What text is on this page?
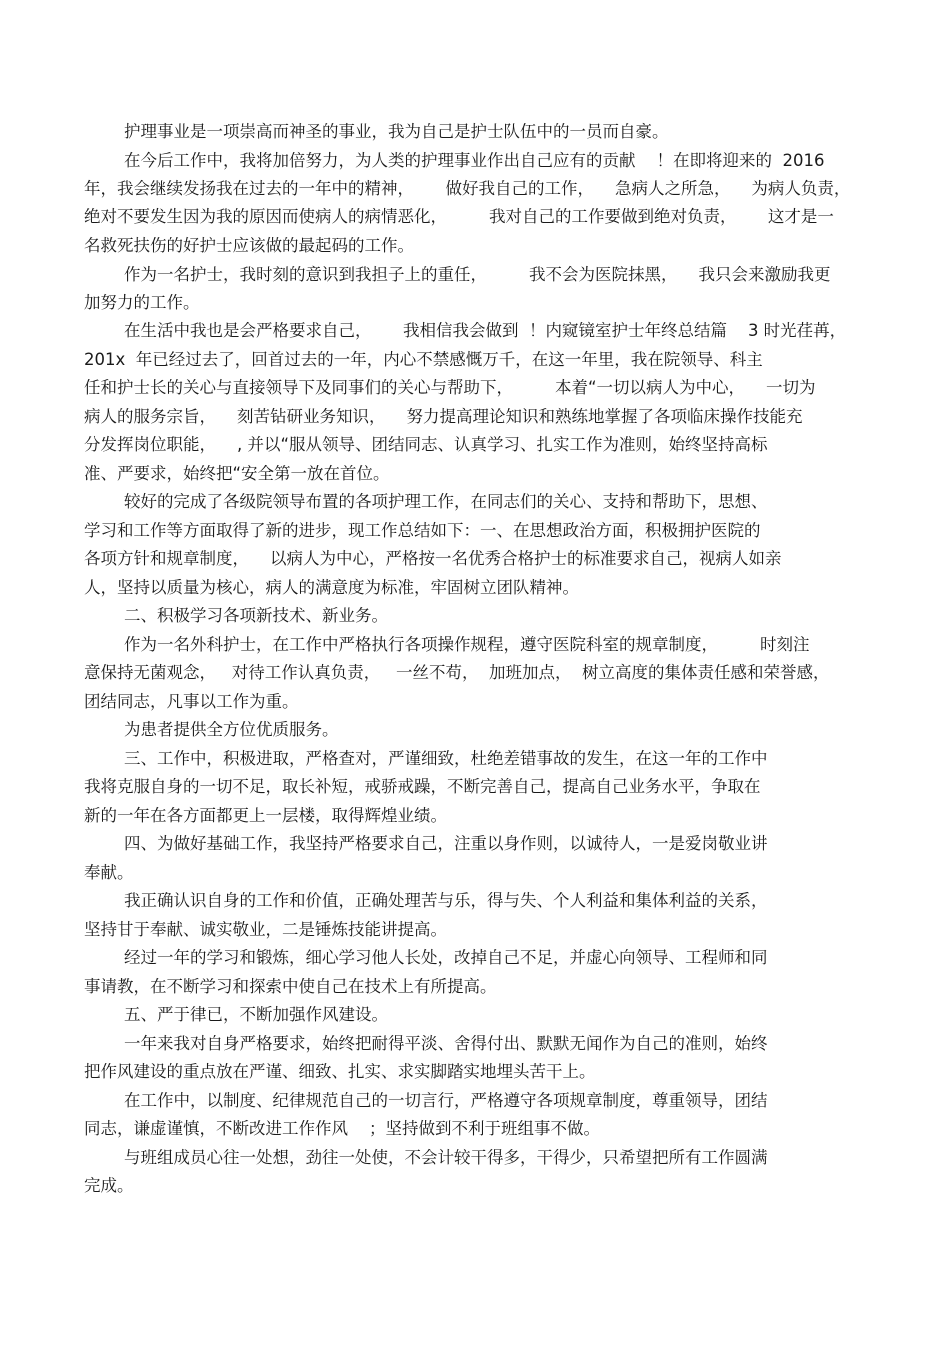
护理事业是一项崇高而神圣的事业，我为自己是护士队伍中的一员而自豪。
在今后工作中，我将加倍努力，为人类的护理事业作出自己应有的贡献    ！在即将迎来的  2016
年，我会继续发扬我在过去的一年中的精神，      做好我自己的工作，    急病人之所急，    为病人负责，
绝对不要发生因为我的原因而使病人的病情恶化，        我对自己的工作要做到绝对负责，      这才是一
名救死扶伤的好护士应该做的最起码的工作。
作为一名护士，我时刻的意识到我担子上的重任，        我不会为医院抹黑，    我只会来激励我更
加努力的工作。
在生活中我也是会严格要求自己，      我相信我会做到  ！内窥镜室护士年终总结篇    3 时光荏苒，
201x  年已经过去了，回首过去的一年，内心不禁感慨万千，在这一年里，我在院领导、科主
任和护士长的关心与直接领导下及同事们的关心与帮助下，        本着“一切以病人为中心，    一切为
病人的服务宗旨，    刻苦钻研业务知识，    努力提高理论知识和熟练地掌握了各项临床操作技能充
分发挥岗位职能，    , 并以“服从领导、团结同志、认真学习、扎实工作为准则，始终坚持高标
准、严要求，始终把“安全第一放在首位。
较好的完成了各级院领导布置的各项护理工作，在同志们的关心、支持和帮助下，思想、
学习和工作等方面取得了新的进步，现工作总结如下：一、在思想政治方面，积极拥护医院的
各项方针和规章制度，    以病人为中心，严格按一名优秀合格护士的标准要求自己，视病人如亲
人，坚持以质量为核心，病人的满意度为标准，牢固树立团队精神。
二、积极学习各项新技术、新业务。
作为一名外科护士，在工作中严格执行各项操作规程，遵守医院科室的规章制度，        时刻注
意保持无菌观念，   对待工作认真负责，   一丝不苟，  加班加点，  树立高度的集体责任感和荣誉感，
团结同志，凡事以工作为重。
为患者提供全方位优质服务。
三、工作中，积极进取，严格查对，严谨细致，杜绝差错事故的发生，在这一年的工作中
我将克服自身的一切不足，取长补短，戒骄戒躁，不断完善自己，提高自己业务水平，争取在
新的一年在各方面都更上一层楼，取得辉煌业绩。
四、为做好基础工作，我坚持严格要求自己，注重以身作则，以诚待人，一是爱岗敬业讲
奉献。
我正确认识自身的工作和价值，正确处理苦与乐，得与失、个人利益和集体利益的关系，
坚持甘于奉献、诚实敬业，二是锤炼技能讲提高。
经过一年的学习和锻炼，细心学习他人长处，改掉自己不足，并虚心向领导、工程师和同
事请教，在不断学习和探索中使自己在技术上有所提高。
五、严于律已，不断加强作风建设。
一年来我对自身严格要求，始终把耐得平淡、舍得付出、默默无闻作为自己的准则，始终
把作风建设的重点放在严谨、细致、扎实、求实脚踏实地埋头苦干上。
在工作中，以制度、纪律规范自己的一切言行，严格遵守各项规章制度，尊重领导，团结
同志，谦虚谨慎，不断改进工作作风    ；坚持做到不利于班组事不做。
与班组成员心往一处想，劲往一处使，不会计较干得多，干得少，只希望把所有工作圆满
完成。
